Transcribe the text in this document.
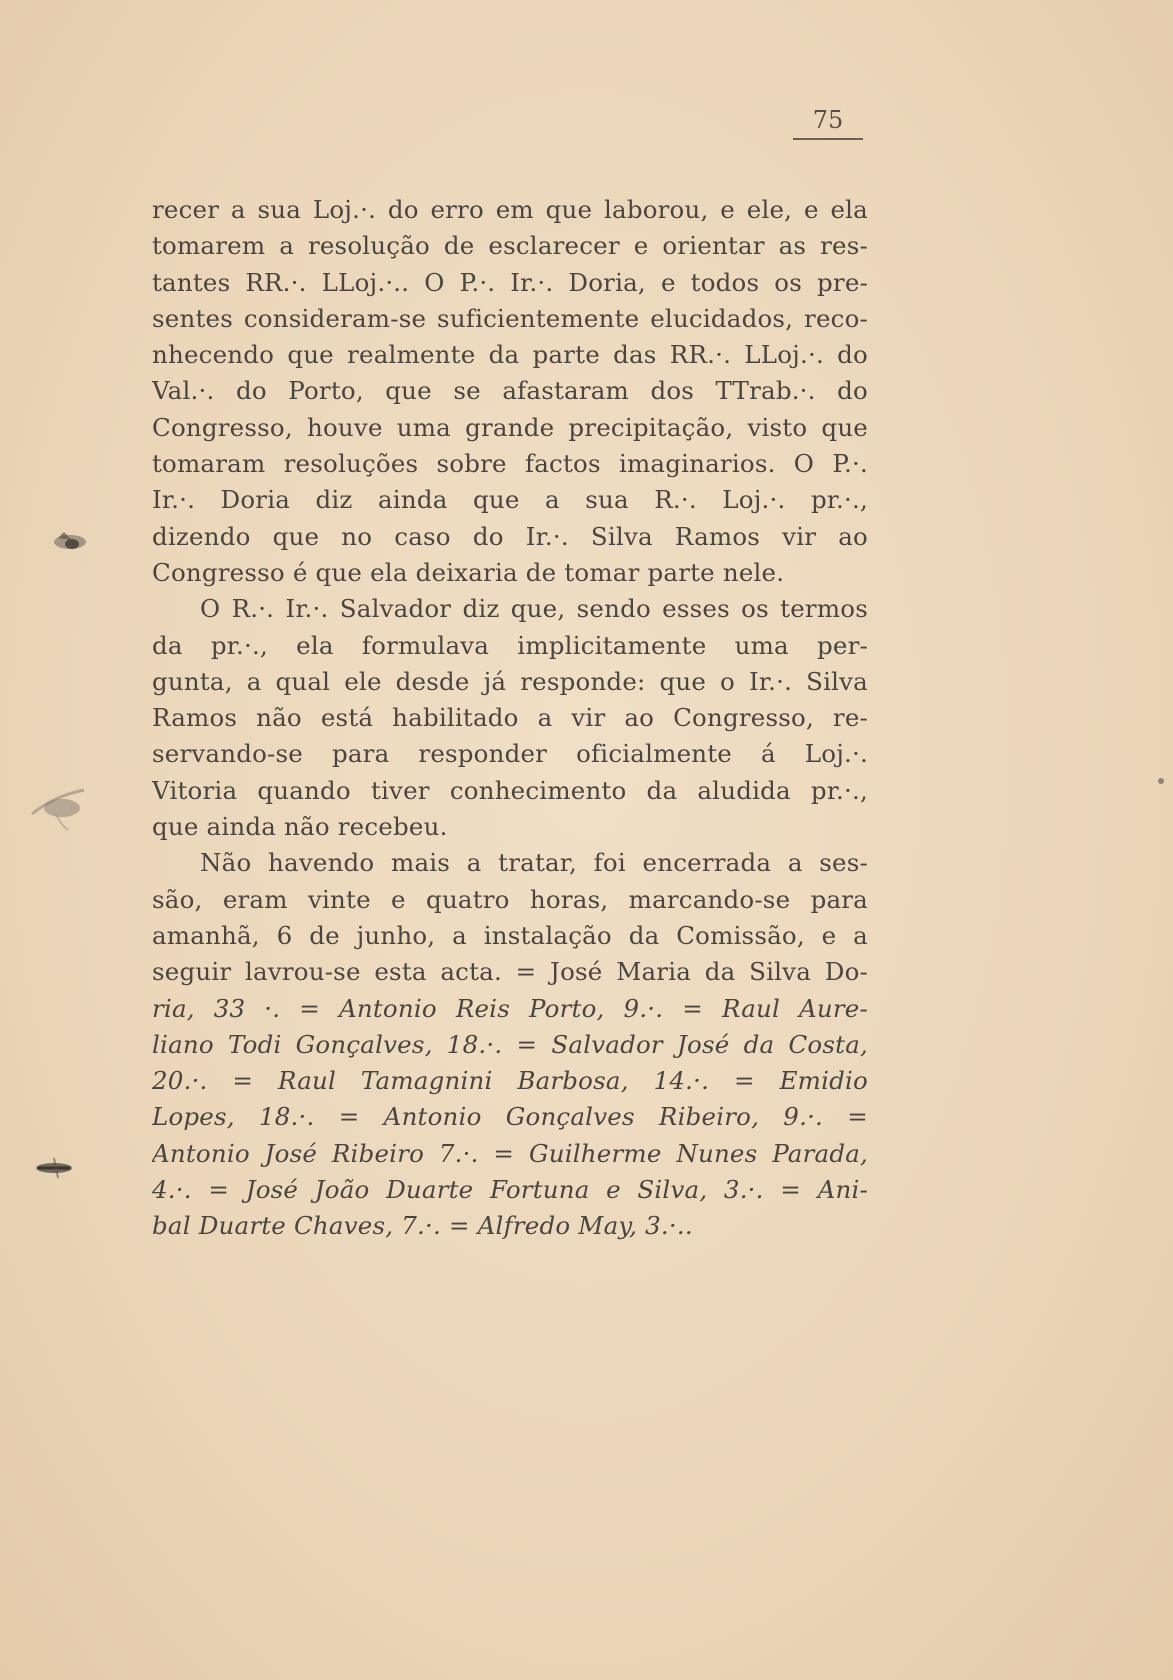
75
recer a sua Loj.·. do erro em que laborou, e ele, e ela
tomarem a resolução de esclarecer e orientar as res-
tantes RR.·. LLoj.·.. O P.·. Ir.·. Doria, e todos os pre-
sentes consideram-se suficientemente elucidados, reco-
nhecendo que realmente da parte das RR.·. LLoj.·. do
Val.·. do Porto, que se afastaram dos TTrab.·. do
Congresso, houve uma grande precipitação, visto que
tomaram resoluções sobre factos imaginarios. O P.·.
Ir.·. Doria diz ainda que a sua R.·. Loj.·. pr.·.,
dizendo que no caso do Ir.·. Silva Ramos vir ao
Congresso é que ela deixaria de tomar parte nele.
O R.·. Ir.·. Salvador diz que, sendo esses os termos
da pr.·., ela formulava implicitamente uma per-
gunta, a qual ele desde já responde: que o Ir.·. Silva
Ramos não está habilitado a vir ao Congresso, re-
servando-se para responder oficialmente á Loj.·.
Vitoria quando tiver conhecimento da aludida pr.·.,
que ainda não recebeu.
Não havendo mais a tratar, foi encerrada a ses-
são, eram vinte e quatro horas, marcando-se para
amanhã, 6 de junho, a instalação da Comissão, e a
seguir lavrou-se esta acta. = José Maria da Silva Do-
ria, 33 ·. = Antonio Reis Porto, 9.·. = Raul Aure-
liano Todi Gonçalves, 18.·. = Salvador José da Costa,
20.·. = Raul Tamagnini Barbosa, 14.·. = Emidio
Lopes, 18.·. = Antonio Gonçalves Ribeiro, 9.·. =
Antonio José Ribeiro 7.·. = Guilherme Nunes Parada,
4.·. = José João Duarte Fortuna e Silva, 3.·. = Ani-
bal Duarte Chaves, 7.·. = Alfredo May, 3.·..
